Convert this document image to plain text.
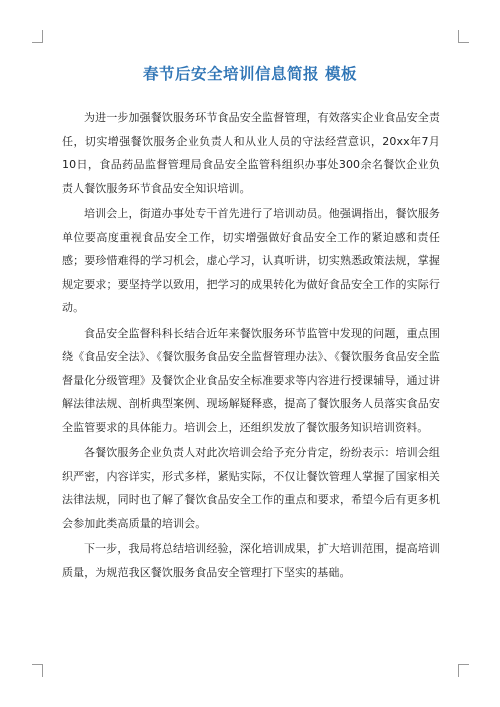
春节后安全培训信息简报 模板

为进一步加强餐饮服务环节食品安全监督管理，有效落实企业食品安全责任，切实增强餐饮服务企业负责人和从业人员的守法经营意识，20xx年7月10日，食品药品监督管理局食品安全监管科组织办事处300余名餐饮企业负责人餐饮服务环节食品安全知识培训。

培训会上，街道办事处专干首先进行了培训动员。他强调指出，餐饮服务单位要高度重视食品安全工作，切实增强做好食品安全工作的紧迫感和责任感；要珍惜难得的学习机会，虚心学习，认真听讲，切实熟悉政策法规，掌握规定要求；要坚持学以致用，把学习的成果转化为做好食品安全工作的实际行动。

食品安全监督科科长结合近年来餐饮服务环节监管中发现的问题，重点围绕《食品安全法》、《餐饮服务食品安全监督管理办法》、《餐饮服务食品安全监督量化分级管理》及餐饮企业食品安全标准要求等内容进行授课辅导，通过讲解法律法规、剖析典型案例、现场解疑释惑，提高了餐饮服务人员落实食品安全监管要求的具体能力。培训会上，还组织发放了餐饮服务知识培训资料。

各餐饮服务企业负责人对此次培训会给予充分肯定，纷纷表示：培训会组织严密，内容详实，形式多样，紧贴实际，不仅让餐饮管理人掌握了国家相关法律法规，同时也了解了餐饮食品安全工作的重点和要求，希望今后有更多机会参加此类高质量的培训会。

下一步，我局将总结培训经验，深化培训成果，扩大培训范围，提高培训质量，为规范我区餐饮服务食品安全管理打下坚实的基础。
